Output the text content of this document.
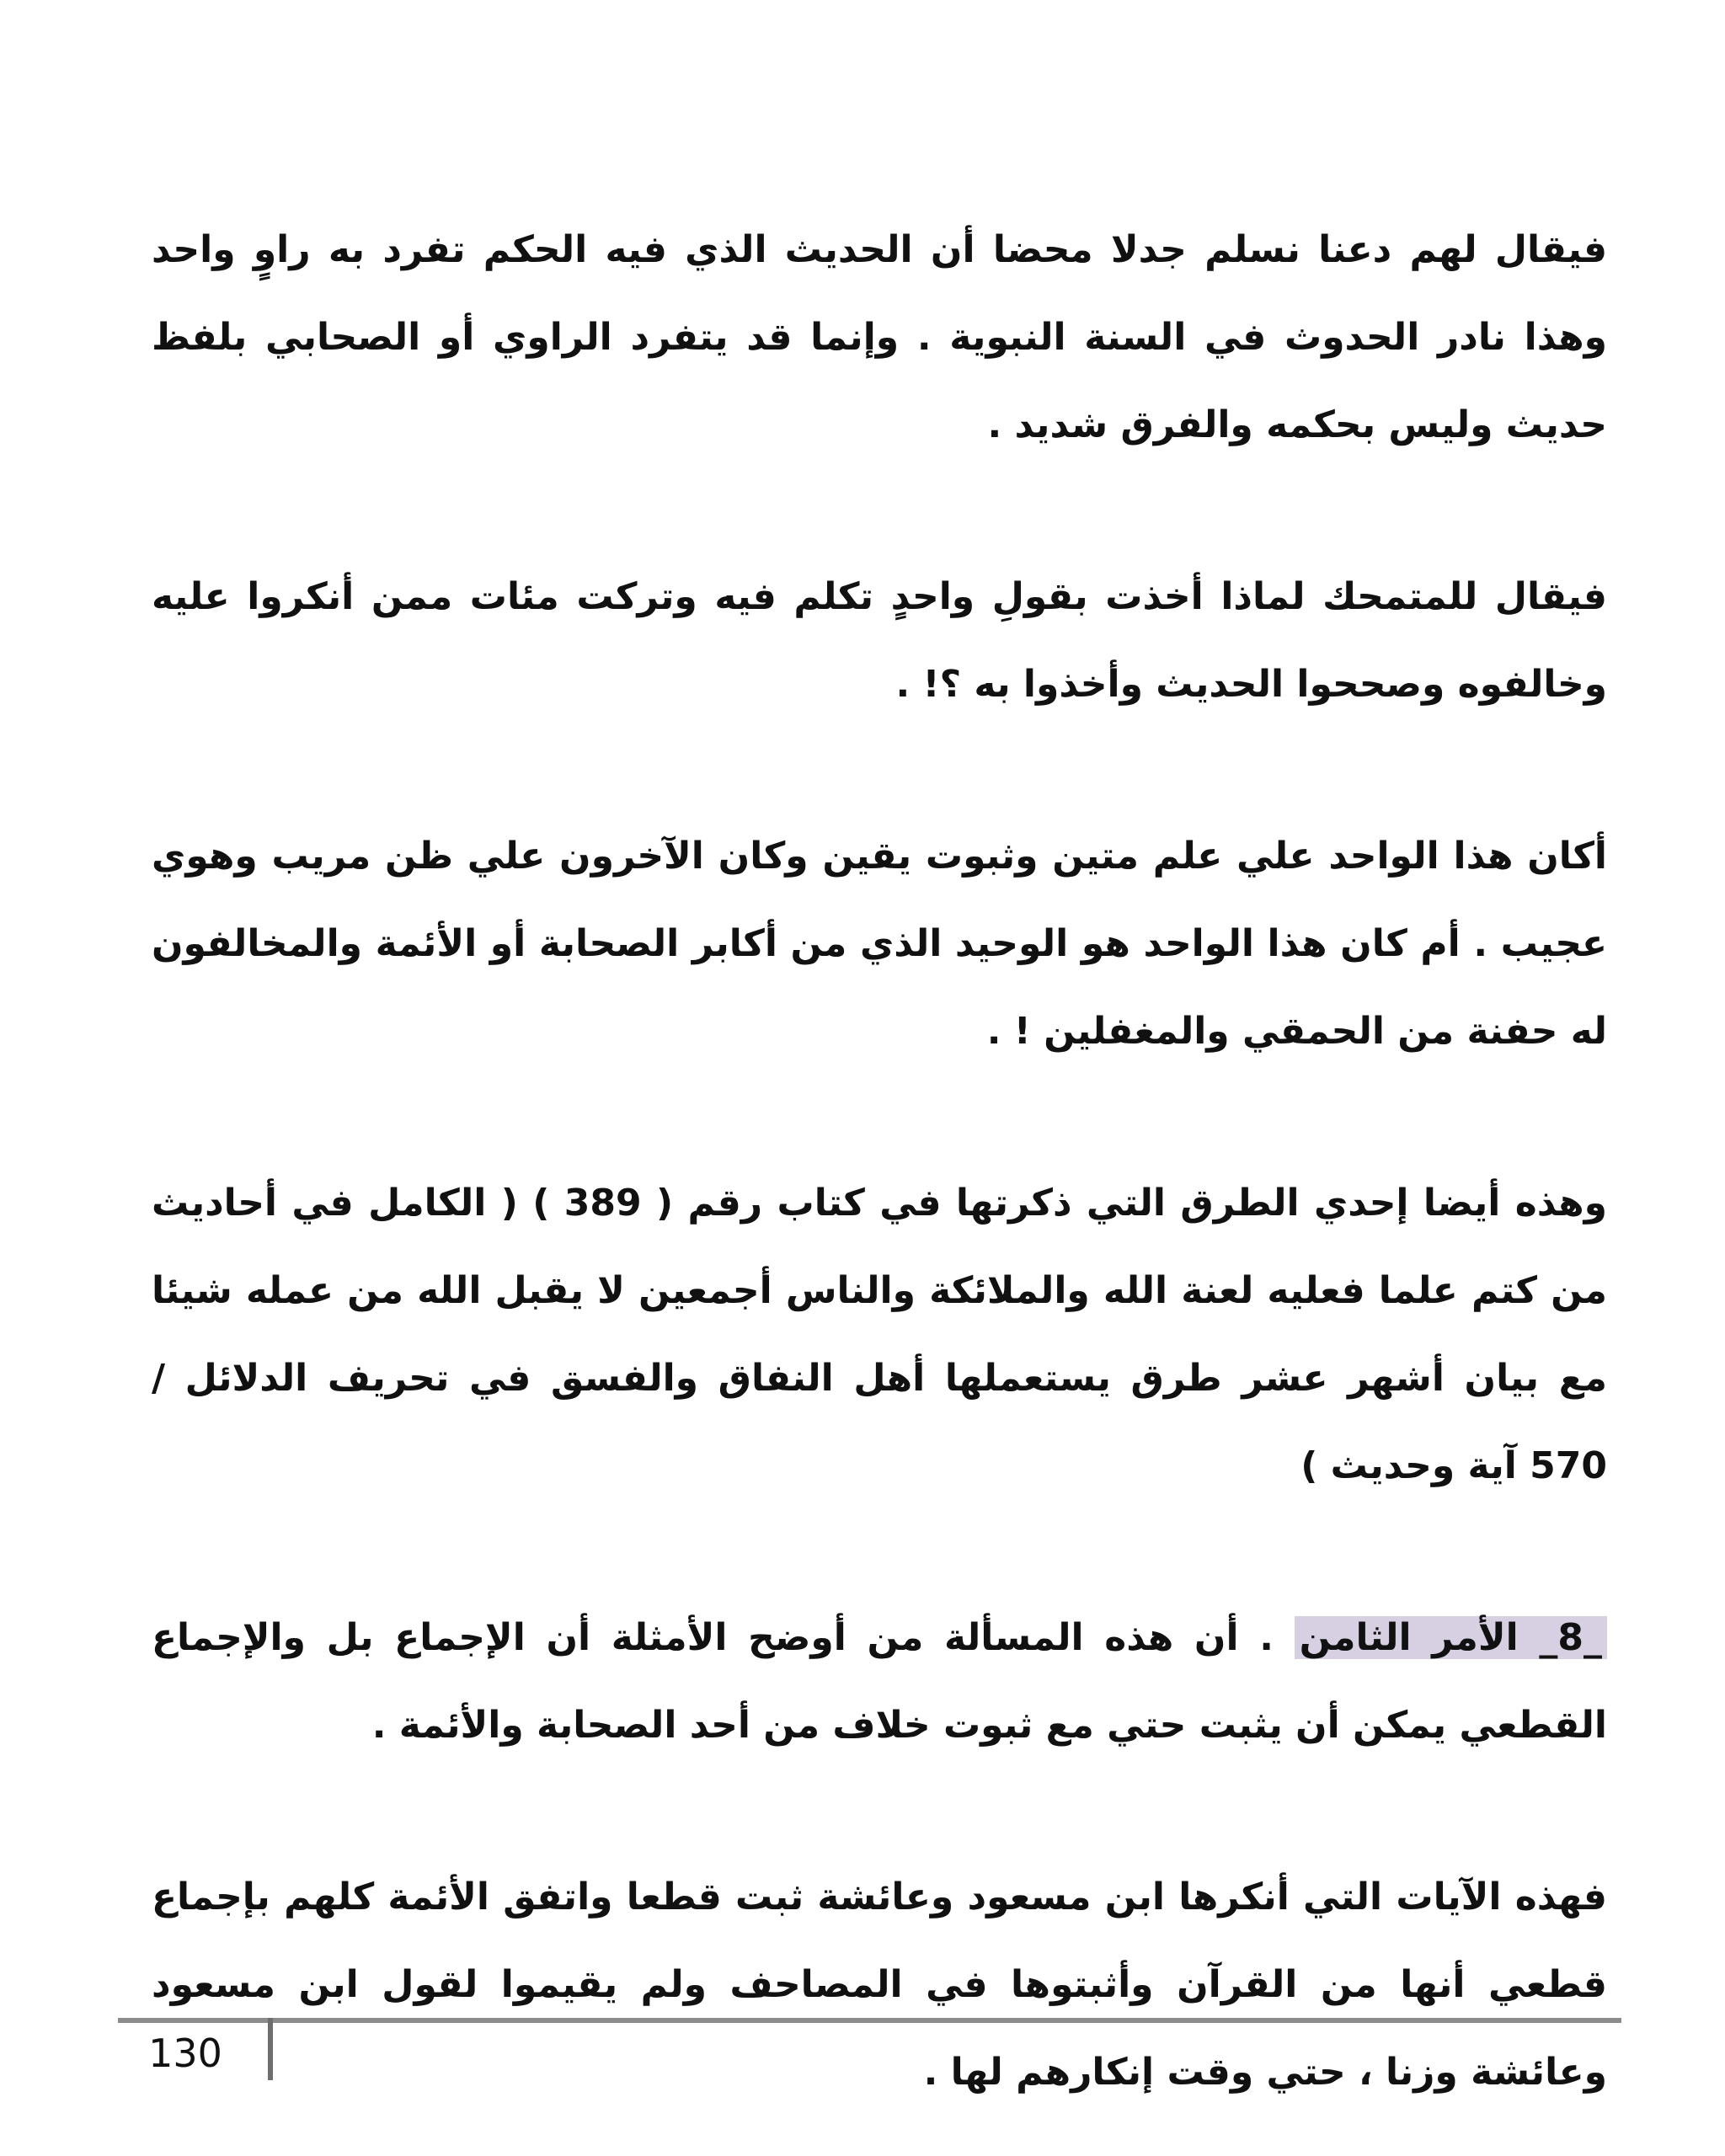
فيقال لهم دعنا نسلم جدلا محضا أن الحديث الذي فيه الحكم تفرد به راوٍ واحد وهذا نادر الحدوث في السنة النبوية . وإنما قد يتفرد الراوي أو الصحابي بلفظ حديث وليس بحكمه والفرق شديد .

فيقال للمتمحك لماذا أخذت بقولِ واحدٍ تكلم فيه وتركت مئات ممن أنكروا عليه وخالفوه وصححوا الحديث وأخذوا به ؟! .

أكان هذا الواحد علي علم متين وثبوت يقين وكان الآخرون علي ظن مريب وهوي عجيب . أم كان هذا الواحد هو الوحيد الذي من أكابر الصحابة أو الأئمة والمخالفون له حفنة من الحمقي والمغفلين ! .

وهذه أيضا إحدي الطرق التي ذكرتها في كتاب رقم ( 389 ) ( الكامل في أحاديث من كتم علما فعليه لعنة الله والملائكة والناس أجمعين لا يقبل الله من عمله شيئا مع بيان أشهر عشر طرق يستعملها أهل النفاق والفسق في تحريف الدلائل / 570 آية وحديث )

_8_ الأمر الثامن . أن هذه المسألة من أوضح الأمثلة أن الإجماع بل والإجماع القطعي يمكن أن يثبت حتي مع ثبوت خلاف من أحد الصحابة والأئمة .

فهذه الآيات التي أنكرها ابن مسعود وعائشة ثبت قطعا واتفق الأئمة كلهم بإجماع قطعي أنها من القرآن وأثبتوها في المصاحف ولم يقيموا لقول ابن مسعود وعائشة وزنا ، حتي وقت إنكارهم لها .

130
